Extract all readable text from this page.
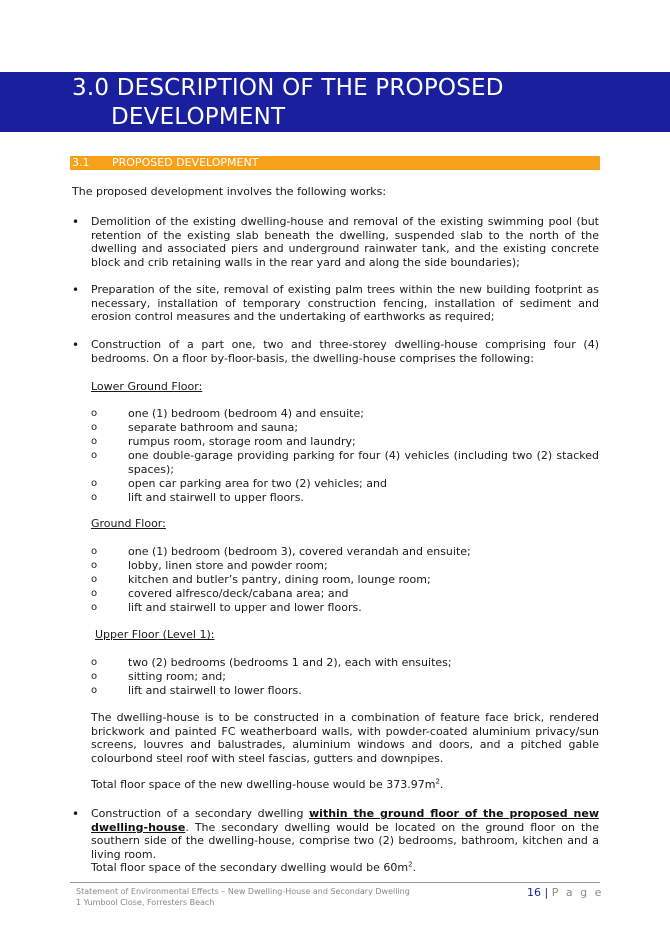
3.0 DESCRIPTION OF THE PROPOSED
DEVELOPMENT
3.1 PROPOSED DEVELOPMENT
The proposed development involves the following works:
• Demolition of the existing dwelling-house and removal of the existing swimming pool (but retention of the existing slab beneath the dwelling, suspended slab to the north of the dwelling and associated piers and underground rainwater tank, and the existing concrete block and crib retaining walls in the rear yard and along the side boundaries);
• Preparation of the site, removal of existing palm trees within the new building footprint as necessary, installation of temporary construction fencing, installation of sediment and erosion control measures and the undertaking of earthworks as required;
• Construction of a part one, two and three-storey dwelling-house comprising four (4) bedrooms. On a floor by-floor-basis, the dwelling-house comprises the following:
Lower Ground Floor:
o
o
o
o
o
o
one (1) bedroom (bedroom 4) and ensuite;
separate bathroom and sauna;
rumpus room, storage room and laundry;
one double-garage providing parking for four (4) vehicles (including two (2) stacked
spaces);
open car parking area for two (2) vehicles; and
lift and stairwell to upper floors.
Ground Floor:
o
o
o
o
o
one (1) bedroom (bedroom 3), covered verandah and ensuite;
lobby, linen store and powder room;
kitchen and butler’s pantry, dining room, lounge room;
covered alfresco/deck/cabana area; and
lift and stairwell to upper and lower floors.
Upper Floor (Level 1):
o
o
o
two (2) bedrooms (bedrooms 1 and 2), each with ensuites;
sitting room; and;
lift and stairwell to lower floors.
The dwelling-house is to be constructed in a combination of feature face brick, rendered brickwork and painted FC weatherboard walls, with powder-coated aluminium privacy/sun screens, louvres and balustrades, aluminium windows and doors, and a pitched gable colourbond steel roof with steel fascias, gutters and downpipes.
Total floor space of the new dwelling-house would be $373.97m^2$.
• Construction of a secondary dwelling within the ground floor of the proposed new dwelling-house. The secondary dwelling would be located on the ground floor on the southern side of the dwelling-house, comprise two (2) bedrooms, bathroom, kitchen and a living room.
Total floor space of the secondary dwelling would be $60m^2$.
Statement of Environmental Effects – New Dwelling-House and Secondary Dwelling
1 Yumbool Close, Forresters Beach
16 | P a g e
